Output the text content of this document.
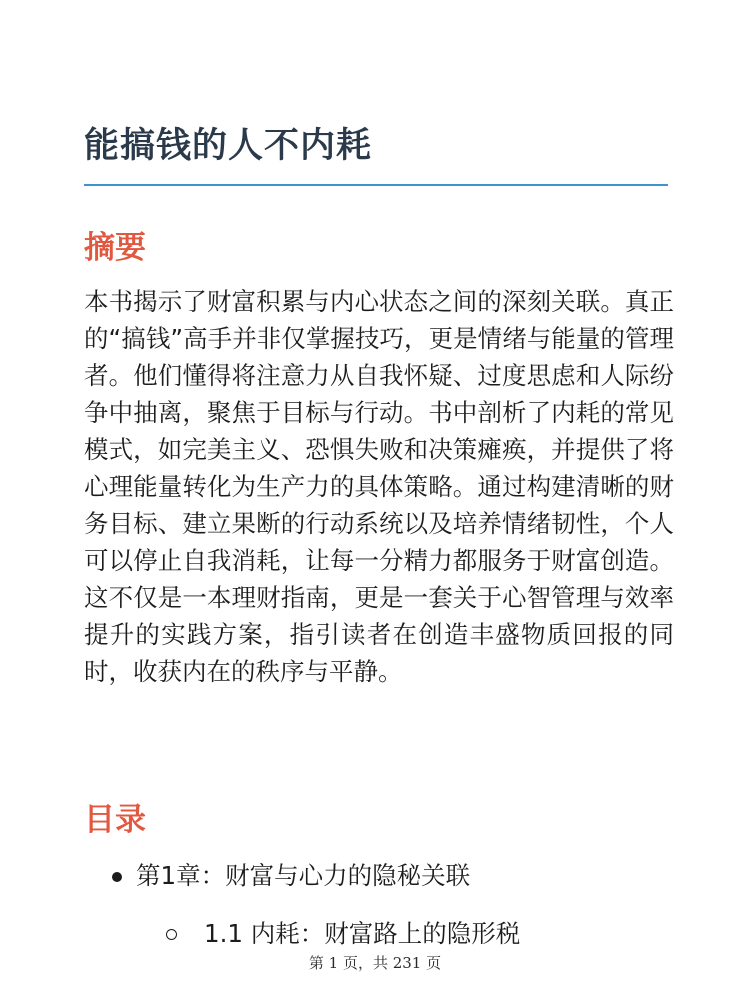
能搞钱的人不内耗
摘要

本书揭示了财富积累与内心状态之间的深刻关联。真正的“搞钱”高手并非仅掌握技巧，更是情绪与能量的管理者。他们懂得将注意力从自我怀疑、过度思虑和人际纷争中抽离，聚焦于目标与行动。书中剖析了内耗的常见模式，如完美主义、恐惧失败和决策瘫痪，并提供了将心理能量转化为生产力的具体策略。通过构建清晰的财务目标、建立果断的行动系统以及培养情绪韧性，个人可以停止自我消耗，让每一分精力都服务于财富创造。这不仅是一本理财指南，更是一套关于心智管理与效率提升的实践方案，指引读者在创造丰盛物质回报的同时，收获内在的秩序与平静。

目录
第1章：财富与心力的隐秘关联
1.1 内耗：财富路上的隐形税
第 1 页，共 231 页
